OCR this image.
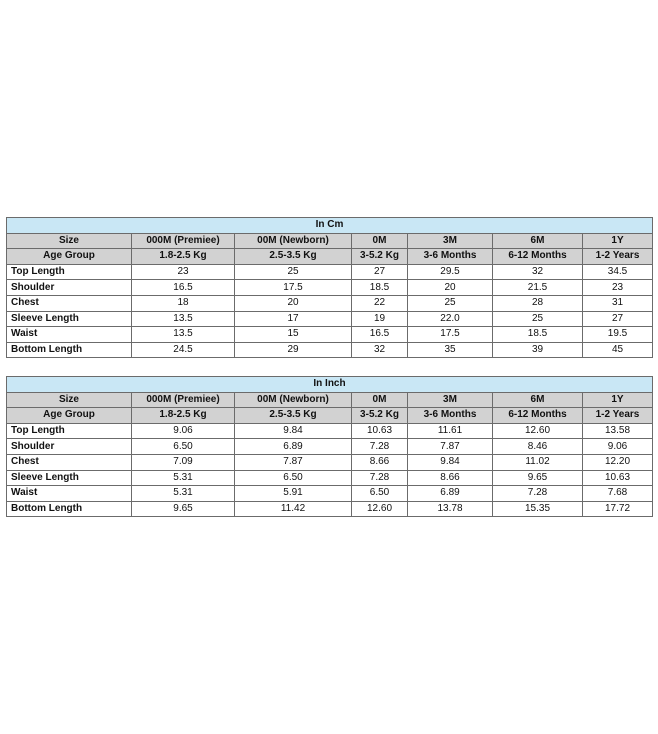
In Cm						
Size	000M (Premiee)	00M (Newborn)	0M	3M	6M	1Y
Age Group	1.8-2.5 Kg	2.5-3.5 Kg	3-5.2 Kg	3-6 Months	6-12 Months	1-2 Years
Top Length	23	25	27	29.5	32	34.5
Shoulder	16.5	17.5	18.5	20	21.5	23
Chest	18	20	22	25	28	31
Sleeve Length	13.5	17	19	22.0	25	27
Waist	13.5	15	16.5	17.5	18.5	19.5
Bottom Length	24.5	29	32	35	39	45
In Inch						
Size	000M (Premiee)	00M (Newborn)	0M	3M	6M	1Y
Age Group	1.8-2.5 Kg	2.5-3.5 Kg	3-5.2 Kg	3-6 Months	6-12 Months	1-2 Years
Top Length	9.06	9.84	10.63	11.61	12.60	13.58
Shoulder	6.50	6.89	7.28	7.87	8.46	9.06
Chest	7.09	7.87	8.66	9.84	11.02	12.20
Sleeve Length	5.31	6.50	7.28	8.66	9.65	10.63
Waist	5.31	5.91	6.50	6.89	7.28	7.68
Bottom Length	9.65	11.42	12.60	13.78	15.35	17.72
